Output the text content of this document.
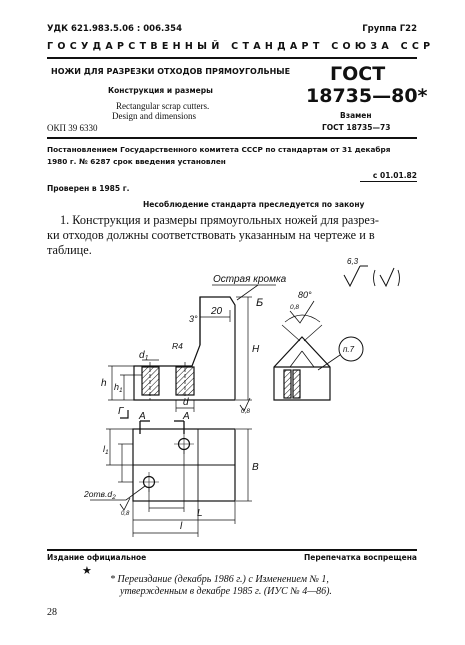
УДК 621.983.5.06 : 006.354	Группа Г22
ГОСУДАРСТВЕННЫЙ СТАНДАРТ СОЮЗА ССР
НОЖИ ДЛЯ РАЗРЕЗКИ ОТХОДОВ ПРЯМОУГОЛЬНЫЕ
Конструкция и размеры
Rectangular scrap cutters.
Design and dimensions
ОКП 39 6330
ГОСТ
18735—80*
Взамен
ГОСТ 18735—73
Постановлением Государственного комитета СССР по стандартам от 31 декабря
1980 г. № 6287 срок введения установлен
с 01.01.82
Проверен в 1985 г.
Несоблюдение стандарта преследуется по закону
1. Конструкция и размеры прямоугольных ножей для разрез-
ки отходов должны соответствовать указанным на чертеже и в
таблице.
Острая кромка
Б
20
3°
R4
$d_1$
H
h $h_1$
Г
d
А	А	0,8
6,3
80°
0,8
п.7
В
$l_1$
L
l
$2отв.d_2$
0,8
Издание официальное	Перепечатка воспрещена
★
* Переиздание (декабрь 1986 г.) с Изменением № 1,
утвержденным в декабре 1985 г. (ИУС № 4—86).
28
